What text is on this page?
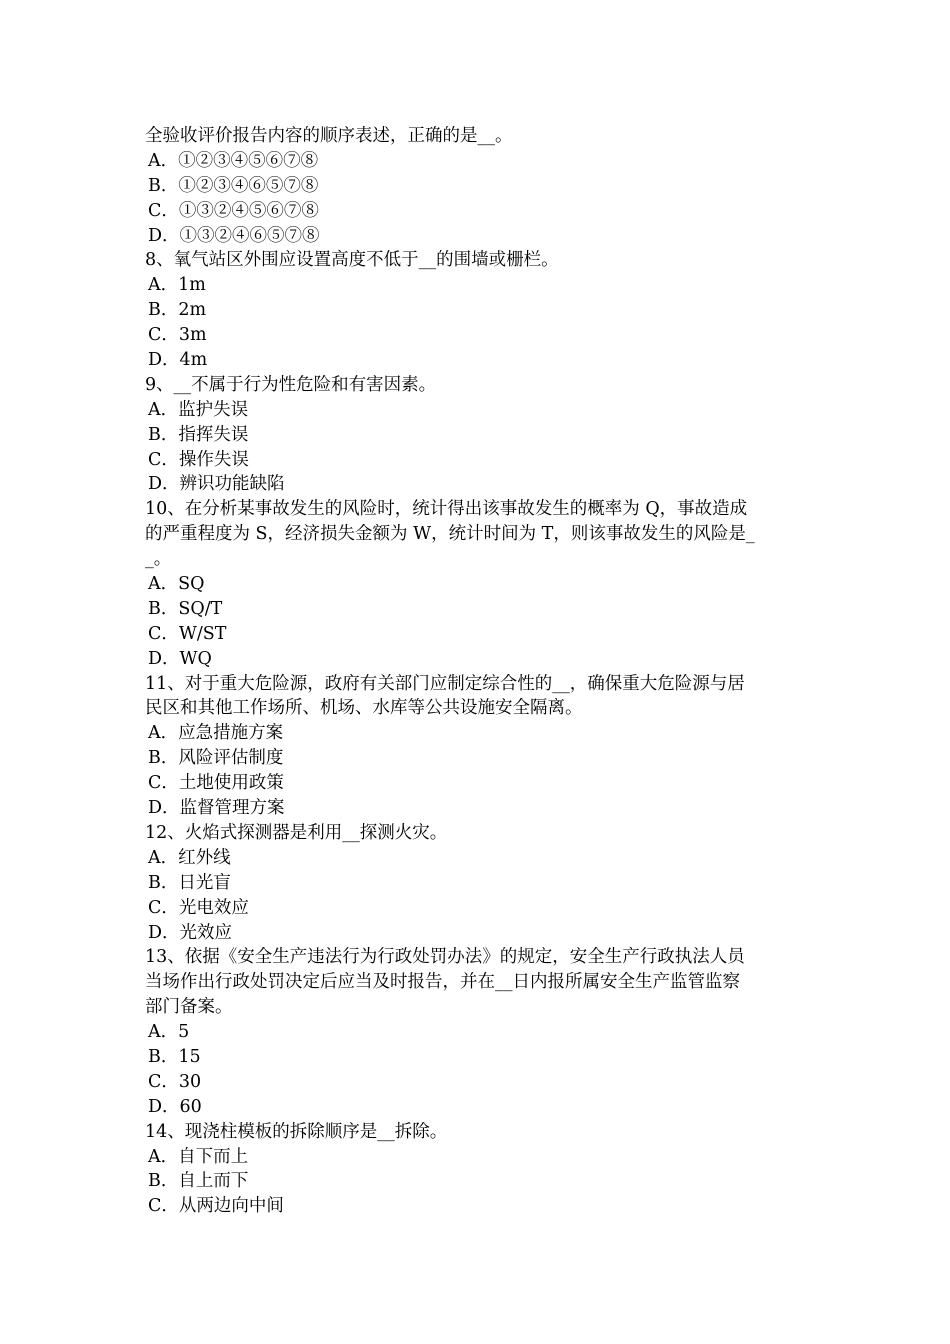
全验收评价报告内容的顺序表述，正确的是__。
A．①②③④⑤⑥⑦⑧
B．①②③④⑥⑤⑦⑧
C．①③②④⑤⑥⑦⑧
D．①③②④⑥⑤⑦⑧
8、氧气站区外围应设置高度不低于__的围墙或栅栏。
A．1m
B．2m
C．3m
D．4m
9、__不属于行为性危险和有害因素。
A．监护失误
B．指挥失误
C．操作失误
D．辨识功能缺陷
10、在分析某事故发生的风险时，统计得出该事故发生的概率为 Q，事故造成
的严重程度为 S，经济损失金额为 W，统计时间为 T，则该事故发生的风险是_
_。
A．SQ
B．SQ/T
C．W/ST
D．WQ
11、对于重大危险源，政府有关部门应制定综合性的__，确保重大危险源与居
民区和其他工作场所、机场、水库等公共设施安全隔离。
A．应急措施方案
B．风险评估制度
C．土地使用政策
D．监督管理方案
12、火焰式探测器是利用__探测火灾。
A．红外线
B．日光盲
C．光电效应
D．光效应
13、依据《安全生产违法行为行政处罚办法》的规定，安全生产行政执法人员
当场作出行政处罚决定后应当及时报告，并在__日内报所属安全生产监管监察
部门备案。
A．5
B．15
C．30
D．60
14、现浇柱模板的拆除顺序是__拆除。
A．自下而上
B．自上而下
C．从两边向中间
